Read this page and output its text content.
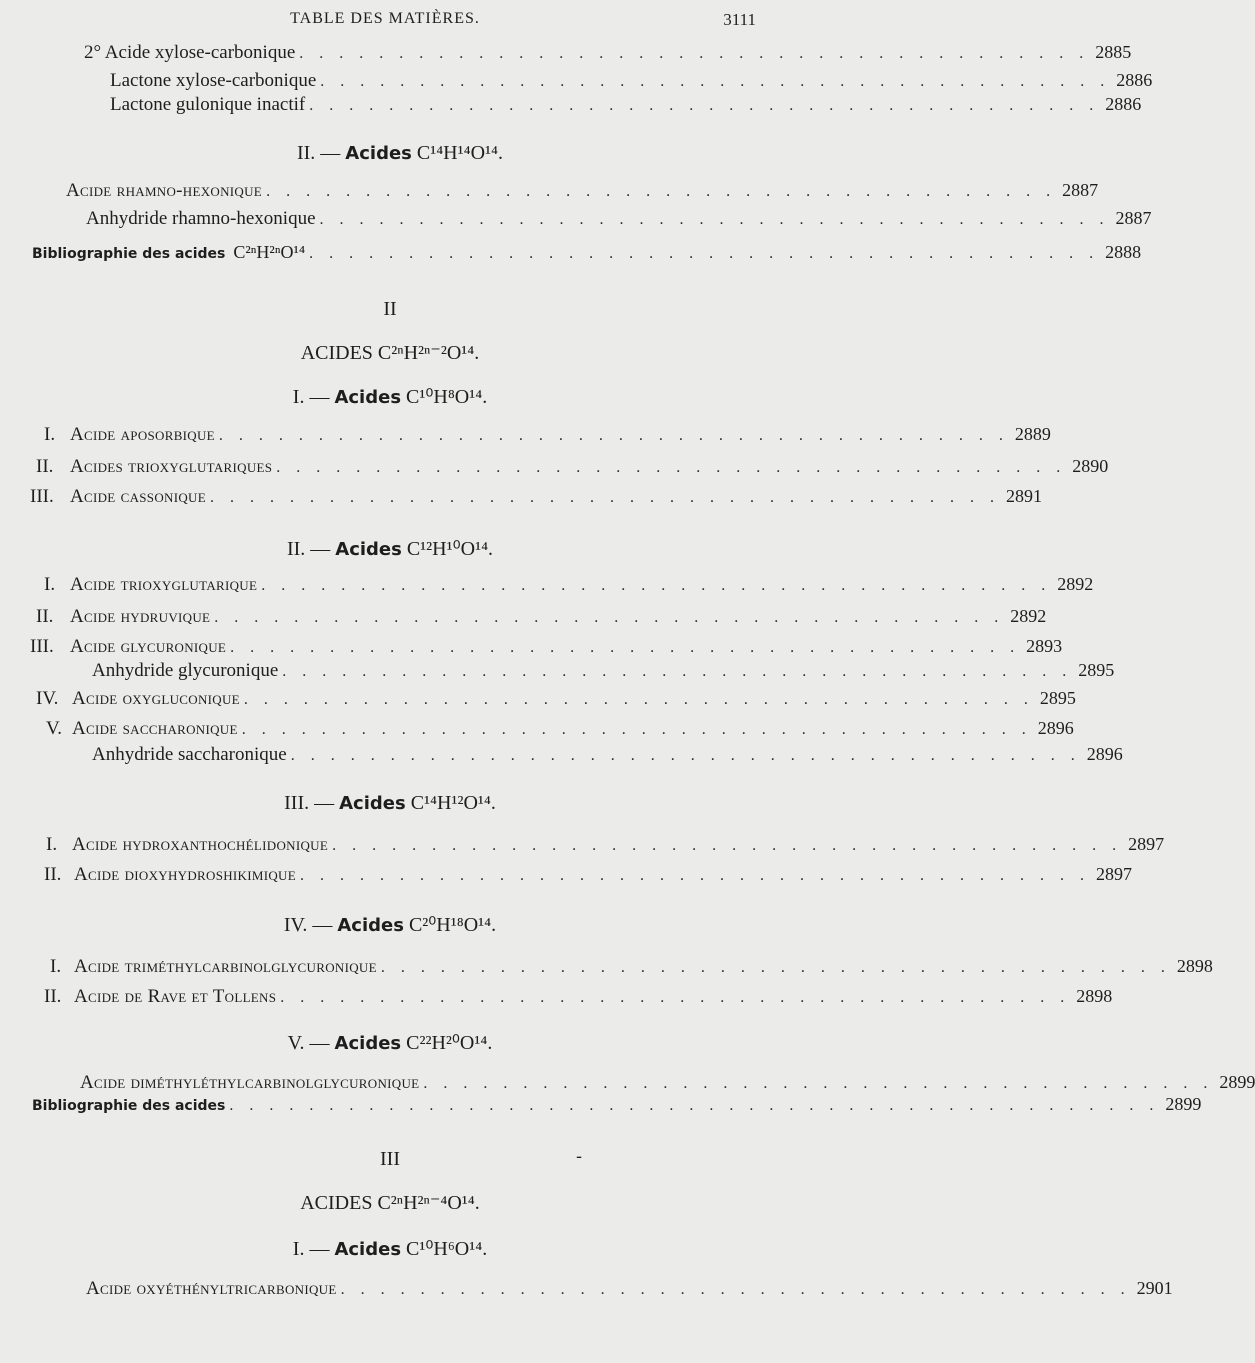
TABLE DES MATIÈRES.	3111
2° Acide xylose-carbonique . . . . . . . . . . . . . . . . . . . . . . . . . . . . . . . . . . . . . . . . 2885
Lactone xylose-carbonique . . . . . . . . . . . . . . . . . . . . . . . . . . . . . . . . . . . . . . . . 2886
Lactone gulonique inactif . . . . . . . . . . . . . . . . . . . . . . . . . . . . . . . . . . . . . . . . 2886
II. — Acides C¹⁴H¹⁴O¹⁴.
Acide rhamno-hexonique . . . . . . . . . . . . . . . . . . . . . . . . . . . . . . . . . . . . . . . . 2887
Anhydride rhamno-hexonique . . . . . . . . . . . . . . . . . . . . . . . . . . . . . . . . . . . . . . . . 2887
Bibliographie des acides C²ⁿH²ⁿO¹⁴ . . . . . . . . . . . . . . . . . . . . . . . . . . . . . . . . . . . . . . . . 2888
II
ACIDES C²ⁿH²ⁿ⁻²O¹⁴.
I. — Acides C¹⁰H⁸O¹⁴.
I. Acide aposorbique . . . . . . . . . . . . . . . . . . . . . . . . . . . . . . . . . . . . . . . . 2889
II. Acides trioxyglutariques . . . . . . . . . . . . . . . . . . . . . . . . . . . . . . . . . . . . . . . . 2890
III. Acide cassonique . . . . . . . . . . . . . . . . . . . . . . . . . . . . . . . . . . . . . . . . 2891
II. — Acides C¹²H¹⁰O¹⁴.
I. Acide trioxyglutarique . . . . . . . . . . . . . . . . . . . . . . . . . . . . . . . . . . . . . . . . 2892
II. Acide hydruvique . . . . . . . . . . . . . . . . . . . . . . . . . . . . . . . . . . . . . . . . 2892
III. Acide glycuronique . . . . . . . . . . . . . . . . . . . . . . . . . . . . . . . . . . . . . . . . 2893
Anhydride glycuronique . . . . . . . . . . . . . . . . . . . . . . . . . . . . . . . . . . . . . . . . 2895
IV. Acide oxygluconique . . . . . . . . . . . . . . . . . . . . . . . . . . . . . . . . . . . . . . . . 2895
V. Acide saccharonique . . . . . . . . . . . . . . . . . . . . . . . . . . . . . . . . . . . . . . . . 2896
Anhydride saccharonique . . . . . . . . . . . . . . . . . . . . . . . . . . . . . . . . . . . . . . . . 2896
III. — Acides C¹⁴H¹²O¹⁴.
I. Acide hydroxanthochélidonique . . . . . . . . . . . . . . . . . . . . . . . . . . . . . . . . . . . . . . . . 2897
II. Acide dioxyhydroshikimique . . . . . . . . . . . . . . . . . . . . . . . . . . . . . . . . . . . . . . . . 2897
IV. — Acides C²⁰H¹⁸O¹⁴.
I. Acide triméthylcarbinolglycuronique . . . . . . . . . . . . . . . . . . . . . . . . . . . . . . . . . . . . . . . . 2898
II. Acide de Rave et Tollens . . . . . . . . . . . . . . . . . . . . . . . . . . . . . . . . . . . . . . . . 2898
V. — Acides C²²H²⁰O¹⁴.
Acide diméthyléthylcarbinolglycuronique . . . . . . . . . . . . . . . . . . . . . . . . . . . . . . . . . . . . . . . . 2899
Bibliographie des acides . . . . . . . . . . . . . . . . . . . . . . . . . . . . . . . . . . . . . . . . . . . . . . . 2899
III	-
ACIDES C²ⁿH²ⁿ⁻⁴O¹⁴.
I. — Acides C¹⁰H⁶O¹⁴.
Acide oxyéthényltricarbonique . . . . . . . . . . . . . . . . . . . . . . . . . . . . . . . . . . . . . . . . 2901
